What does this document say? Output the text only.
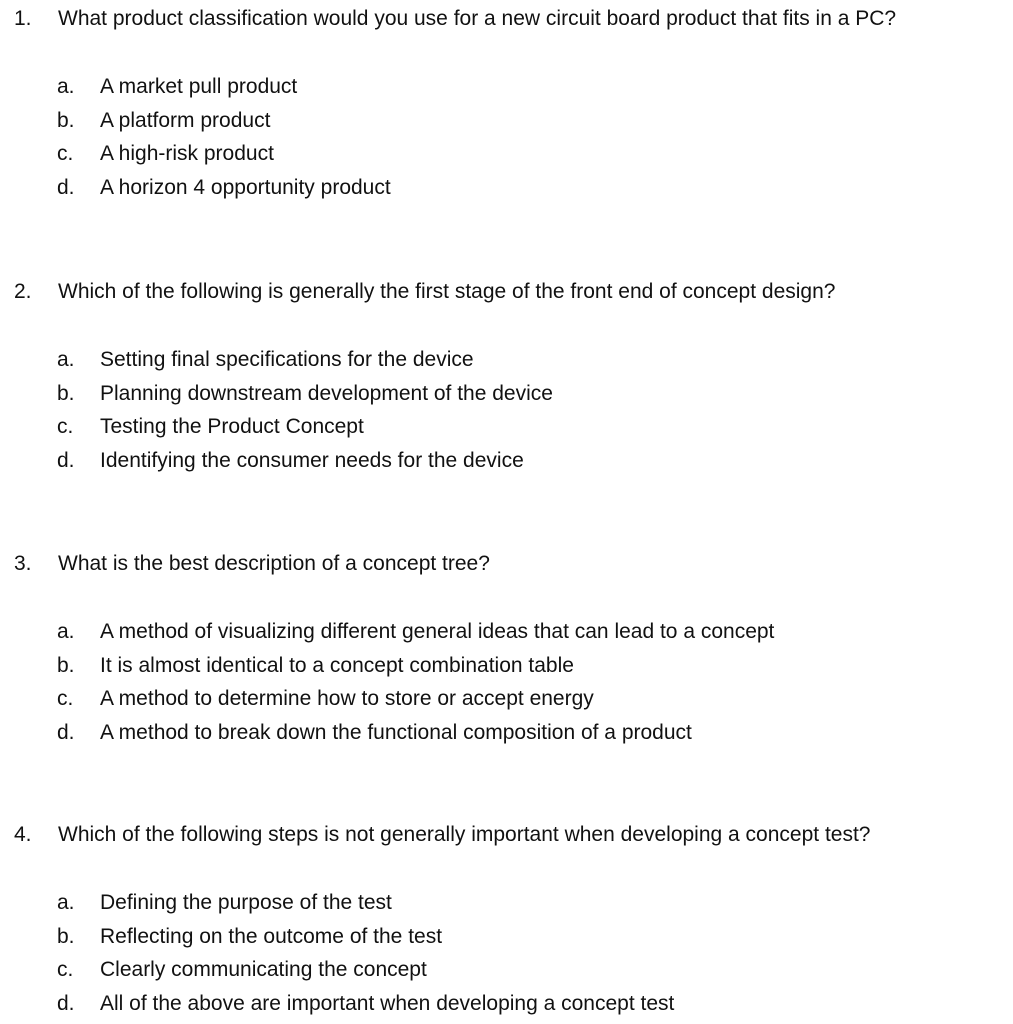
1. What product classification would you use for a new circuit board product that fits in a PC?
a. A market pull product
b. A platform product
c. A high-risk product
d. A horizon 4 opportunity product
2. Which of the following is generally the first stage of the front end of concept design?
a. Setting final specifications for the device
b. Planning downstream development of the device
c. Testing the Product Concept
d. Identifying the consumer needs for the device
3. What is the best description of a concept tree?
a. A method of visualizing different general ideas that can lead to a concept
b. It is almost identical to a concept combination table
c. A method to determine how to store or accept energy
d. A method to break down the functional composition of a product
4. Which of the following steps is not generally important when developing a concept test?
a. Defining the purpose of the test
b. Reflecting on the outcome of the test
c. Clearly communicating the concept
d. All of the above are important when developing a concept test
